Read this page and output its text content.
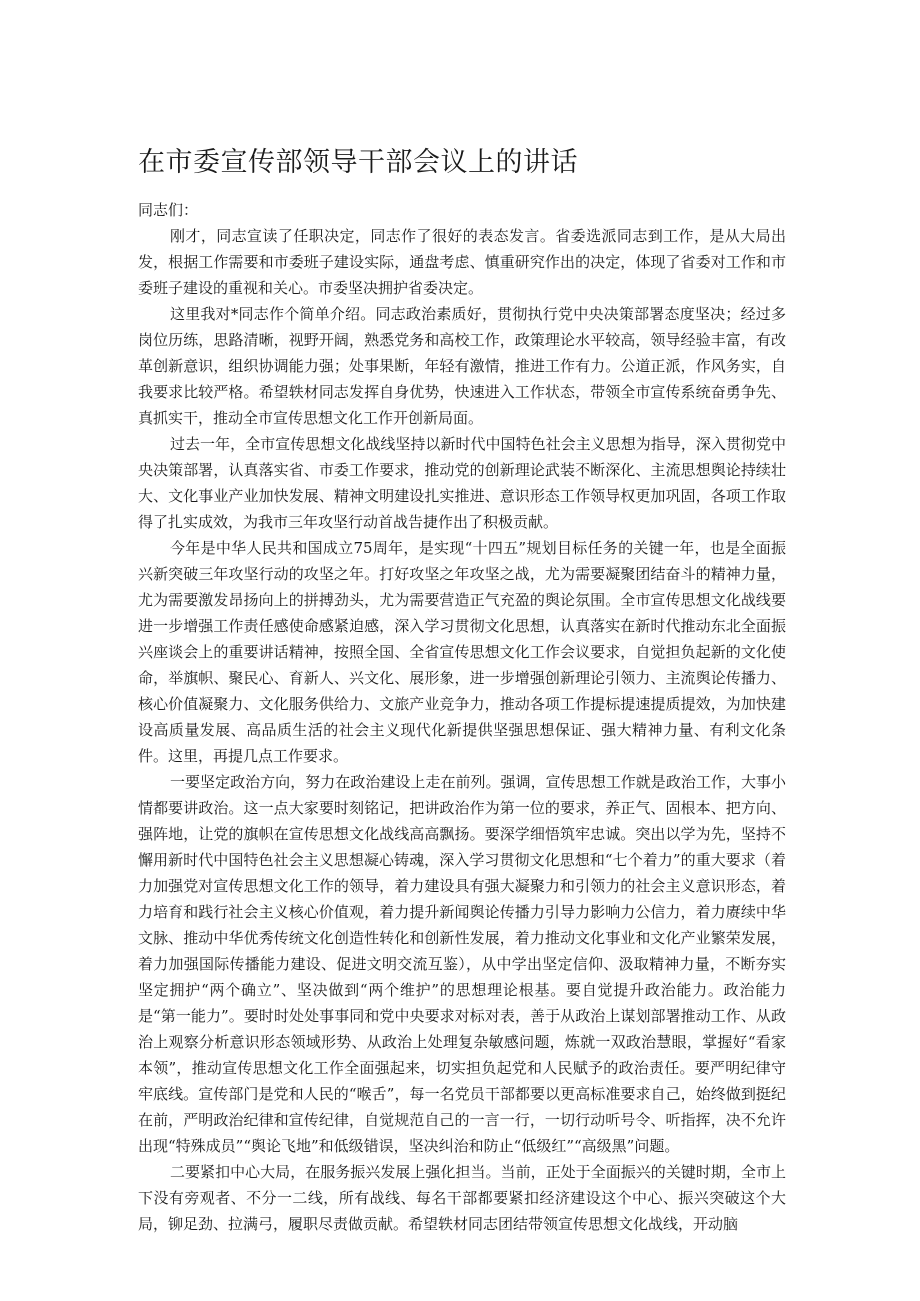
在市委宣传部领导干部会议上的讲话

同志们：

刚才，同志宣读了任职决定，同志作了很好的表态发言。省委选派同志到工作，是从大局出发，根据工作需要和市委班子建设实际，通盘考虑、慎重研究作出的决定，体现了省委对工作和市委班子建设的重视和关心。市委坚决拥护省委决定。

这里我对*同志作个简单介绍。同志政治素质好，贯彻执行党中央决策部署态度坚决；经过多岗位历练，思路清晰，视野开阔，熟悉党务和高校工作，政策理论水平较高，领导经验丰富，有改革创新意识，组织协调能力强；处事果断，年轻有激情，推进工作有力。公道正派，作风务实，自我要求比较严格。希望轶材同志发挥自身优势，快速进入工作状态，带领全市宣传系统奋勇争先、真抓实干，推动全市宣传思想文化工作开创新局面。

过去一年，全市宣传思想文化战线坚持以新时代中国特色社会主义思想为指导，深入贯彻党中央决策部署，认真落实省、市委工作要求，推动党的创新理论武装不断深化、主流思想舆论持续壮大、文化事业产业加快发展、精神文明建设扎实推进、意识形态工作领导权更加巩固，各项工作取得了扎实成效，为我市三年攻坚行动首战告捷作出了积极贡献。

今年是中华人民共和国成立75周年，是实现“十四五”规划目标任务的关键一年，也是全面振兴新突破三年攻坚行动的攻坚之年。打好攻坚之年攻坚之战，尤为需要凝聚团结奋斗的精神力量，尤为需要激发昂扬向上的拼搏劲头，尤为需要营造正气充盈的舆论氛围。全市宣传思想文化战线要进一步增强工作责任感使命感紧迫感，深入学习贯彻文化思想，认真落实在新时代推动东北全面振兴座谈会上的重要讲话精神，按照全国、全省宣传思想文化工作会议要求，自觉担负起新的文化使命，举旗帜、聚民心、育新人、兴文化、展形象，进一步增强创新理论引领力、主流舆论传播力、核心价值凝聚力、文化服务供给力、文旅产业竞争力，推动各项工作提标提速提质提效，为加快建设高质量发展、高品质生活的社会主义现代化新提供坚强思想保证、强大精神力量、有利文化条件。这里，再提几点工作要求。

一要坚定政治方向，努力在政治建设上走在前列。强调，宣传思想工作就是政治工作，大事小情都要讲政治。这一点大家要时刻铭记，把讲政治作为第一位的要求，养正气、固根本、把方向、强阵地，让党的旗帜在宣传思想文化战线高高飘扬。要深学细悟筑牢忠诚。突出以学为先，坚持不懈用新时代中国特色社会主义思想凝心铸魂，深入学习贯彻文化思想和“七个着力”的重大要求（着力加强党对宣传思想文化工作的领导，着力建设具有强大凝聚力和引领力的社会主义意识形态，着力培育和践行社会主义核心价值观，着力提升新闻舆论传播力引导力影响力公信力，着力赓续中华文脉、推动中华优秀传统文化创造性转化和创新性发展，着力推动文化事业和文化产业繁荣发展，着力加强国际传播能力建设、促进文明交流互鉴），从中学出坚定信仰、汲取精神力量，不断夯实坚定拥护“两个确立”、坚决做到“两个维护”的思想理论根基。要自觉提升政治能力。政治能力是“第一能力”。要时时处处事事同和党中央要求对标对表，善于从政治上谋划部署推动工作、从政治上观察分析意识形态领域形势、从政治上处理复杂敏感问题，炼就一双政治慧眼，掌握好“看家本领”，推动宣传思想文化工作全面强起来，切实担负起党和人民赋予的政治责任。要严明纪律守牢底线。宣传部门是党和人民的“喉舌”，每一名党员干部都要以更高标准要求自己，始终做到挺纪在前，严明政治纪律和宣传纪律，自觉规范自己的一言一行，一切行动听号令、听指挥，决不允许出现“特殊成员”“舆论飞地”和低级错误，坚决纠治和防止“低级红”“高级黑”问题。

二要紧扣中心大局，在服务振兴发展上强化担当。当前，正处于全面振兴的关键时期，全市上下没有旁观者、不分一二线，所有战线、每名干部都要紧扣经济建设这个中心、振兴突破这个大局，铆足劲、拉满弓，履职尽责做贡献。希望轶材同志团结带领宣传思想文化战线，开动脑
